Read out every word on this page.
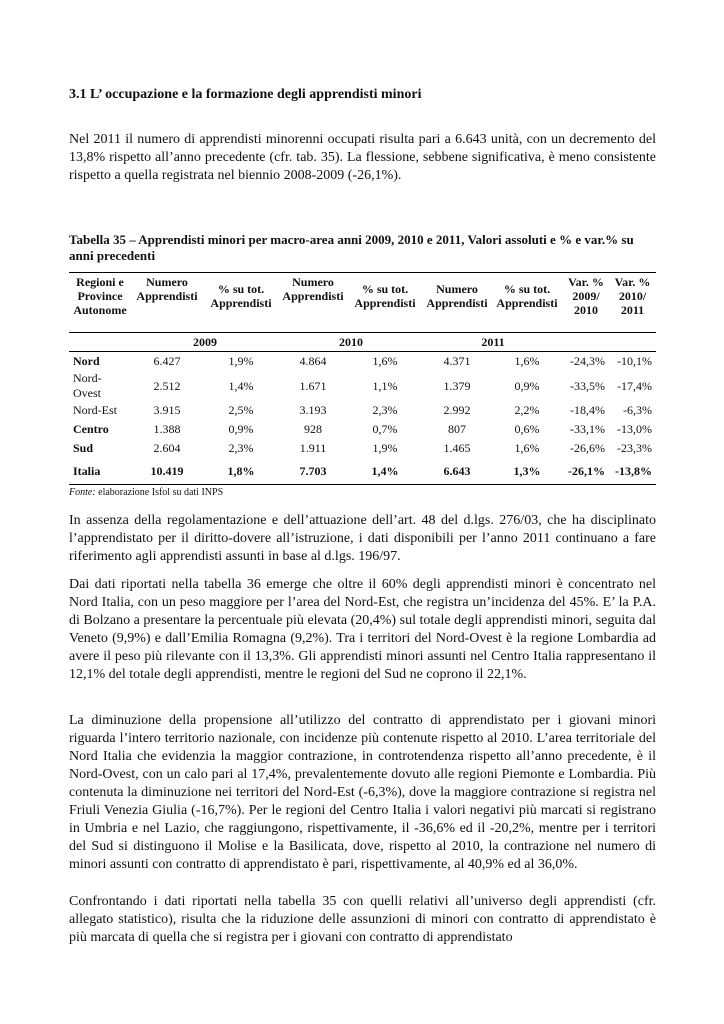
3.1 L’ occupazione e la formazione degli apprendisti minori

Nel 2011 il numero di apprendisti minorenni occupati risulta pari a 6.643 unità, con un decremento del 13,8% rispetto all’anno precedente (cfr. tab. 35). La flessione, sebbene significativa, è meno consistente rispetto a quella registrata nel biennio 2008-2009 (-26,1%).

Tabella 35 – Apprendisti minori per macro-area anni 2009, 2010 e 2011, Valori assoluti e % e var.% su anni precedenti

Regioni e Province Autonome	Numero Apprendisti	% su tot. Apprendisti	Numero Apprendisti	% su tot. Apprendisti	Numero Apprendisti	% su tot. Apprendisti	Var. % 2009/ 2010	Var. % 2010/ 2011
	2009		2010		2011			
Nord	6.427	1,9%	4.864	1,6%	4.371	1,6%	-24,3%	-10,1%
Nord-Ovest	2.512	1,4%	1.671	1,1%	1.379	0,9%	-33,5%	-17,4%
Nord-Est	3.915	2,5%	3.193	2,3%	2.992	2,2%	-18,4%	-6,3%
Centro	1.388	0,9%	928	0,7%	807	0,6%	-33,1%	-13,0%
Sud	2.604	2,3%	1.911	1,9%	1.465	1,6%	-26,6%	-23,3%
Italia	10.419	1,8%	7.703	1,4%	6.643	1,3%	-26,1%	-13,8%
Fonte: elaborazione Isfol su dati INPS

In assenza della regolamentazione e dell’attuazione dell’art. 48 del d.lgs. 276/03, che ha disciplinato l’apprendistato per il diritto-dovere all’istruzione, i dati disponibili per l’anno 2011 continuano a fare riferimento agli apprendisti assunti in base al d.lgs. 196/97.

Dai dati riportati nella tabella 36 emerge che oltre il 60% degli apprendisti minori è concentrato nel Nord Italia, con un peso maggiore per l’area del Nord-Est, che registra un’incidenza del 45%. E’ la P.A. di Bolzano a presentare la percentuale più elevata (20,4%) sul totale degli apprendisti minori, seguita dal Veneto (9,9%) e dall’Emilia Romagna (9,2%). Tra i territori del Nord-Ovest è la regione Lombardia ad avere il peso più rilevante con il 13,3%. Gli apprendisti minori assunti nel Centro Italia rappresentano il 12,1% del totale degli apprendisti, mentre le regioni del Sud ne coprono il 22,1%.

La diminuzione della propensione all’utilizzo del contratto di apprendistato per i giovani minori riguarda l’intero territorio nazionale, con incidenze più contenute rispetto al 2010. L’area territoriale del Nord Italia che evidenzia la maggior contrazione, in controtendenza rispetto all’anno precedente, è il Nord-Ovest, con un calo pari al 17,4%, prevalentemente dovuto alle regioni Piemonte e Lombardia. Più contenuta la diminuzione nei territori del Nord-Est (-6,3%), dove la maggiore contrazione si registra nel Friuli Venezia Giulia (-16,7%). Per le regioni del Centro Italia i valori negativi più marcati si registrano in Umbria e nel Lazio, che raggiungono, rispettivamente, il -36,6% ed il -20,2%, mentre per i territori del Sud si distinguono il Molise e la Basilicata, dove, rispetto al 2010, la contrazione nel numero di minori assunti con contratto di apprendistato è pari, rispettivamente, al 40,9% ed al 36,0%.

Confrontando i dati riportati nella tabella 35 con quelli relativi all’universo degli apprendisti (cfr. allegato statistico), risulta che la riduzione delle assunzioni di minori con contratto di apprendistato è più marcata di quella che si registra per i giovani con contratto di apprendistato
